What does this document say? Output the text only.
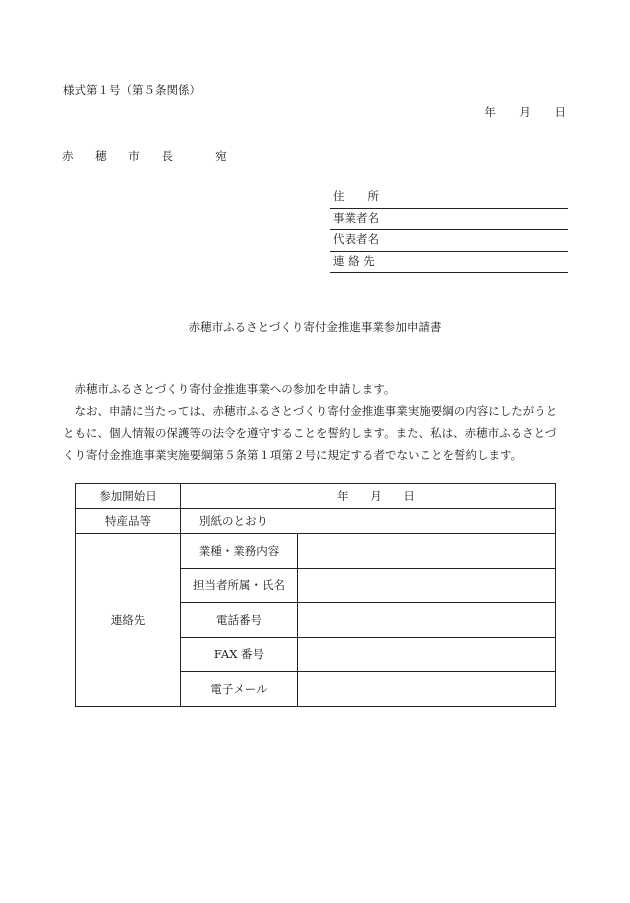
様式第１号（第５条関係）
年 月 日
赤 穂 市 長　 宛
住　　所
事業者名
代表者名
連 絡 先
赤穂市ふるさとづくり寄付金推進事業参加申請書

　赤穂市ふるさとづくり寄付金推進事業への参加を申請します。

　なお、申請に当たっては、赤穂市ふるさとづくり寄付金推進事業実施要綱の内容にしたがうと

ともに、個人情報の保護等の法令を遵守することを誓約します。また、私は、赤穂市ふるさとづ

くり寄付金推進事業実施要綱第５条第１項第２号に規定する者でないことを誓約します。

参加開始日	年 月 日	
特産品等	別紙のとおり	
連絡先	業種・業務内容	
	担当者所属・氏名	
	電話番号	
	FAX 番号	
	電子メール	
